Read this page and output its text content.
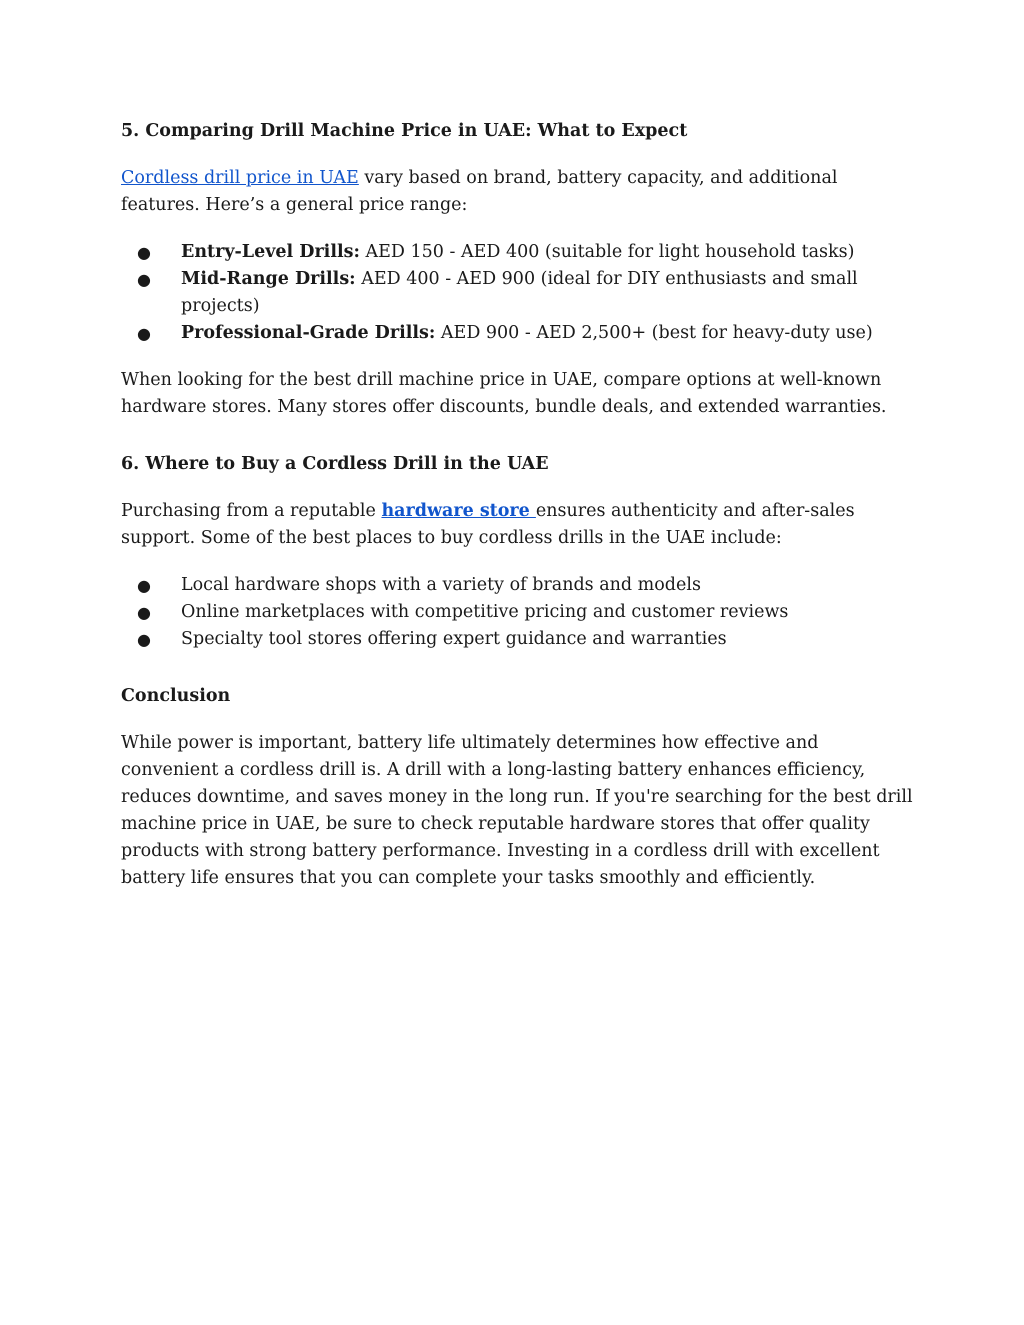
5. Comparing Drill Machine Price in UAE: What to Expect

Cordless drill price in UAE vary based on brand, battery capacity, and additional features. Here’s a general price range:

● Entry-Level Drills: AED 150 - AED 400 (suitable for light household tasks)
● Mid-Range Drills: AED 400 - AED 900 (ideal for DIY enthusiasts and small projects)
● Professional-Grade Drills: AED 900 - AED 2,500+ (best for heavy-duty use)

When looking for the best drill machine price in UAE, compare options at well-known hardware stores. Many stores offer discounts, bundle deals, and extended warranties.

6. Where to Buy a Cordless Drill in the UAE

Purchasing from a reputable hardware store ensures authenticity and after-sales support. Some of the best places to buy cordless drills in the UAE include:

● Local hardware shops with a variety of brands and models
● Online marketplaces with competitive pricing and customer reviews
● Specialty tool stores offering expert guidance and warranties
Conclusion

While power is important, battery life ultimately determines how effective and convenient a cordless drill is. A drill with a long-lasting battery enhances efficiency, reduces downtime, and saves money in the long run. If you're searching for the best drill machine price in UAE, be sure to check reputable hardware stores that offer quality products with strong battery performance. Investing in a cordless drill with excellent battery life ensures that you can complete your tasks smoothly and efficiently.
